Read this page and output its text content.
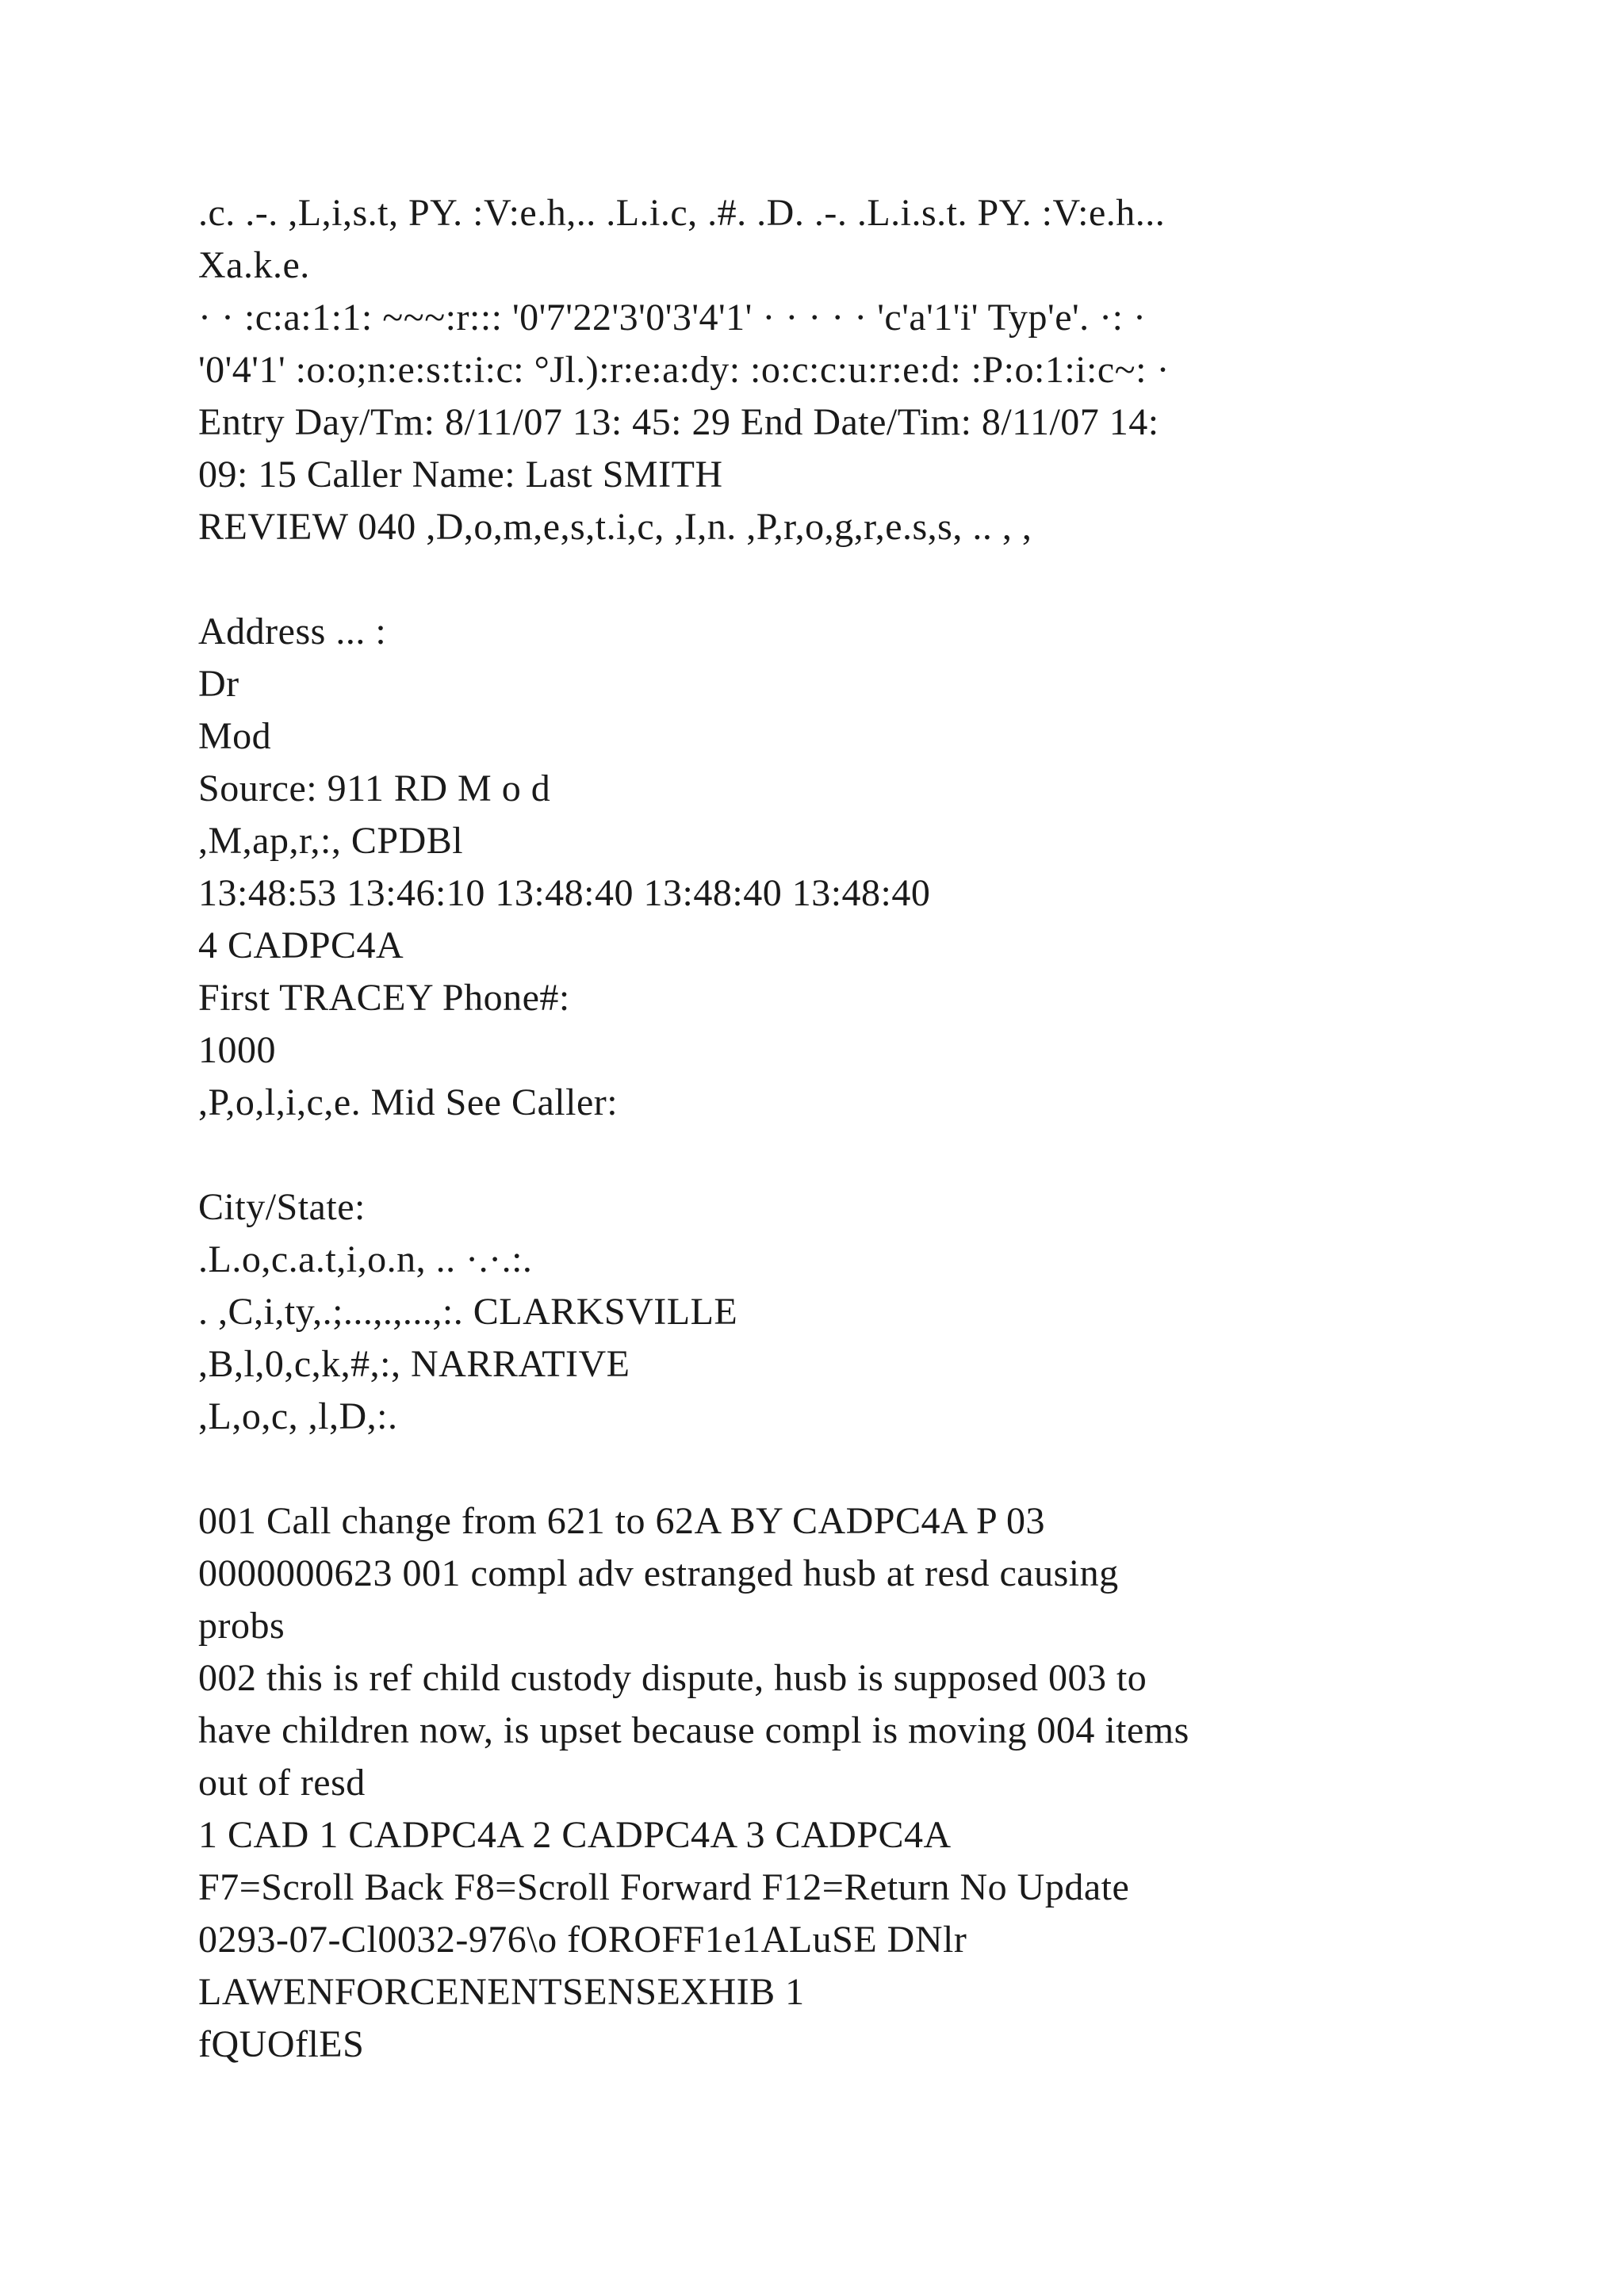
.c. .-. ,L,i,s.t, PY. :V:e.h,.. .L.i.c, .#. .D. .-. .L.i.s.t. PY. :V:e.h...
Xa.k.e.
· · :c:a:1:1: ~~~:r::: '0'7'22'3'0'3'4'1' · · · · · 'c'a'1'i' Typ'e'. ·: ·
'0'4'1' :o:o;n:e:s:t:i:c: °Jl.):r:e:a:dy: :o:c:c:u:r:e:d: :P:o:1:i:c~: ·
Entry Day/Tm: 8/11/07 13: 45: 29 End Date/Tim: 8/11/07 14:
09: 15 Caller Name: Last SMITH
REVIEW 040 ,D,o,m,e,s,t.i,c, ,I,n. ,P,r,o,g,r,e.s,s, .. , ,
Address ... :
Dr
Mod
Source: 911 RD M o d
,M,ap,r,:, CPDBl
13:48:53 13:46:10 13:48:40 13:48:40 13:48:40
4 CADPC4A
First TRACEY Phone#:
1000
,P,o,l,i,c,e. Mid See Caller:
City/State:
.L.o,c.a.t,i,o.n, .. ·.·.:.
. ,C,i,ty,.;...,.,...,:. CLARKSVILLE
,B,l,0,c,k,#,:, NARRATIVE
,L,o,c, ,l,D,:.
001 Call change from 621 to 62A BY CADPC4A P 03
0000000623 001 compl adv estranged husb at resd causing
probs
002 this is ref child custody dispute, husb is supposed 003 to
have children now, is upset because compl is moving 004 items
out of resd
1 CAD 1 CADPC4A 2 CADPC4A 3 CADPC4A
F7=Scroll Back F8=Scroll Forward F12=Return No Update
0293-07-Cl0032-976\o fOROFF1e1ALuSE DNlr
LAWENFORCENENTSENSEXHIB 1
fQUOflES
